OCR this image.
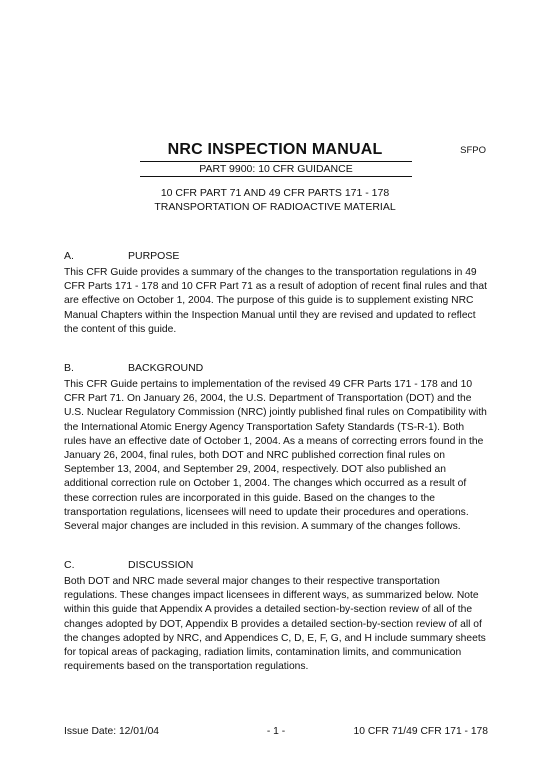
NRC INSPECTION MANUAL	SFPO
PART 9900: 10 CFR GUIDANCE
10 CFR PART 71 AND 49 CFR PARTS 171 - 178
TRANSPORTATION OF RADIOACTIVE MATERIAL
A.	PURPOSE

This CFR Guide provides a summary of the changes to the transportation regulations in 49 CFR Parts 171 - 178 and 10 CFR Part 71 as a result of adoption of recent final rules and that are effective on October 1, 2004. The purpose of this guide is to supplement existing NRC Manual Chapters within the Inspection Manual until they are revised and updated to reflect the content of this guide.

B.	BACKGROUND

This CFR Guide pertains to implementation of the revised 49 CFR Parts 171 - 178 and 10 CFR Part 71. On January 26, 2004, the U.S. Department of Transportation (DOT) and the U.S. Nuclear Regulatory Commission (NRC) jointly published final rules on Compatibility with the International Atomic Energy Agency Transportation Safety Standards (TS-R-1). Both rules have an effective date of October 1, 2004. As a means of correcting errors found in the January 26, 2004, final rules, both DOT and NRC published correction final rules on September 13, 2004, and September 29, 2004, respectively. DOT also published an additional correction rule on October 1, 2004. The changes which occurred as a result of these correction rules are incorporated in this guide. Based on the changes to the transportation regulations, licensees will need to update their procedures and operations. Several major changes are included in this revision. A summary of the changes follows.

C.	DISCUSSION

Both DOT and NRC made several major changes to their respective transportation regulations. These changes impact licensees in different ways, as summarized below. Note within this guide that Appendix A provides a detailed section-by-section review of all of the changes adopted by DOT, Appendix B provides a detailed section-by-section review of all of the changes adopted by NRC, and Appendices C, D, E, F, G, and H include summary sheets for topical areas of packaging, radiation limits, contamination limits, and communication requirements based on the transportation regulations.

Issue Date: 12/01/04	- 1 -	10 CFR 71/49 CFR 171 - 178
